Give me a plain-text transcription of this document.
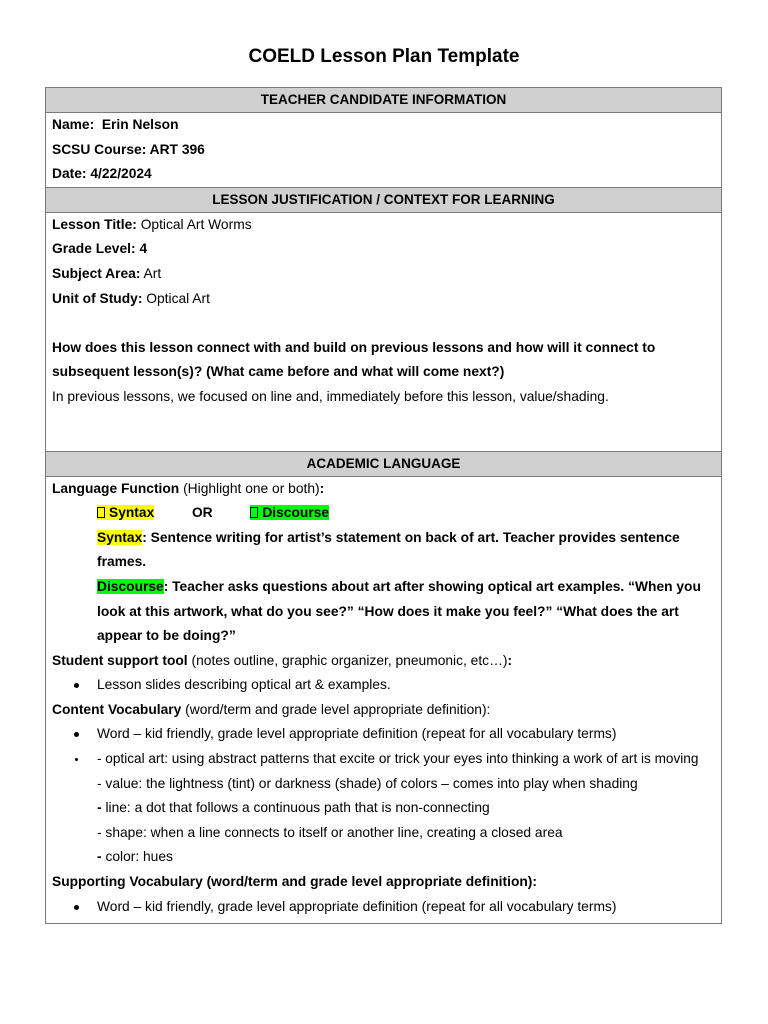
COELD Lesson Plan Template
TEACHER CANDIDATE INFORMATION
Name: Erin Nelson
SCSU Course: ART 396
Date: 4/22/2024
LESSON JUSTIFICATION / CONTEXT FOR LEARNING
Lesson Title: Optical Art Worms
Grade Level: 4
Subject Area: Art
Unit of Study: Optical Art
How does this lesson connect with and build on previous lessons and how will it connect to
subsequent lesson(s)? (What came before and what will come next?)
In previous lessons, we focused on line and, immediately before this lesson, value/shading.
ACADEMIC LANGUAGE
Language Function (Highlight one or both):
Syntax	OR	Discourse
Syntax: Sentence writing for artist’s statement on back of art. Teacher provides sentence
frames.
Discourse: Teacher asks questions about art after showing optical art examples. “When you
look at this artwork, what do you see?” “How does it make you feel?” “What does the art
appear to be doing?”
Student support tool (notes outline, graphic organizer, pneumonic, etc…):
Lesson slides describing optical art & examples.
Content Vocabulary (word/term and grade level appropriate definition):
Word – kid friendly, grade level appropriate definition (repeat for all vocabulary terms)
- optical art: using abstract patterns that excite or trick your eyes into thinking a work of art is moving
- value: the lightness (tint) or darkness (shade) of colors – comes into play when shading
- line: a dot that follows a continuous path that is non-connecting
- shape: when a line connects to itself or another line, creating a closed area
- color: hues
Supporting Vocabulary (word/term and grade level appropriate definition):
Word – kid friendly, grade level appropriate definition (repeat for all vocabulary terms)
